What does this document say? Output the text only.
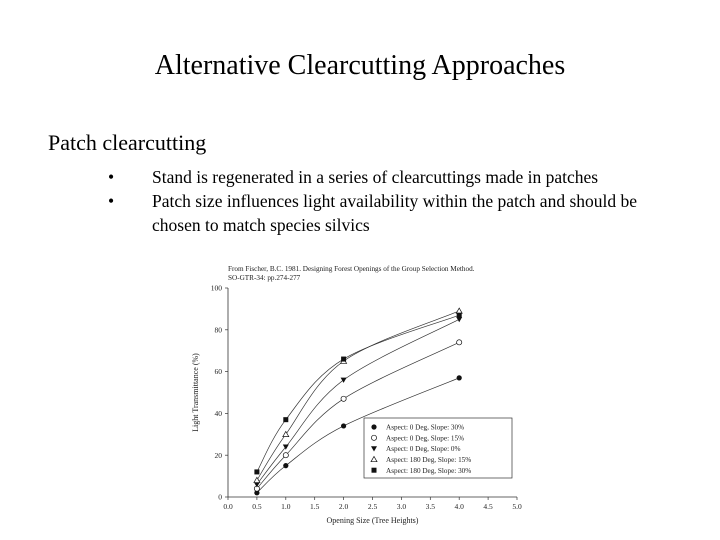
Alternative Clearcutting Approaches
Patch clearcutting
•	Stand is regenerated in a series of clearcuttings made in patches
•	Patch size influences light availability within the patch and should be chosen to match species silvics
From Fischer, B.C. 1981. Designing Forest Openings of the Group Selection Method.
SO-GTR-34: pp.274-277
0.0	0.5	1.0	1.5	2.0	2.5	3.0	3.5	4.0	4.5	5.0
0
20
40
60
80
100
Opening Size (Tree Heights)
Light Transmittance (%)	Aspect: 0 Deg, Slope: 30%
Aspect: 0 Deg, Slope: 15%
Aspect: 0 Deg, Slope: 0%
Aspect: 180 Deg, Slope: 15%
Aspect: 180 Deg, Slope: 30%
